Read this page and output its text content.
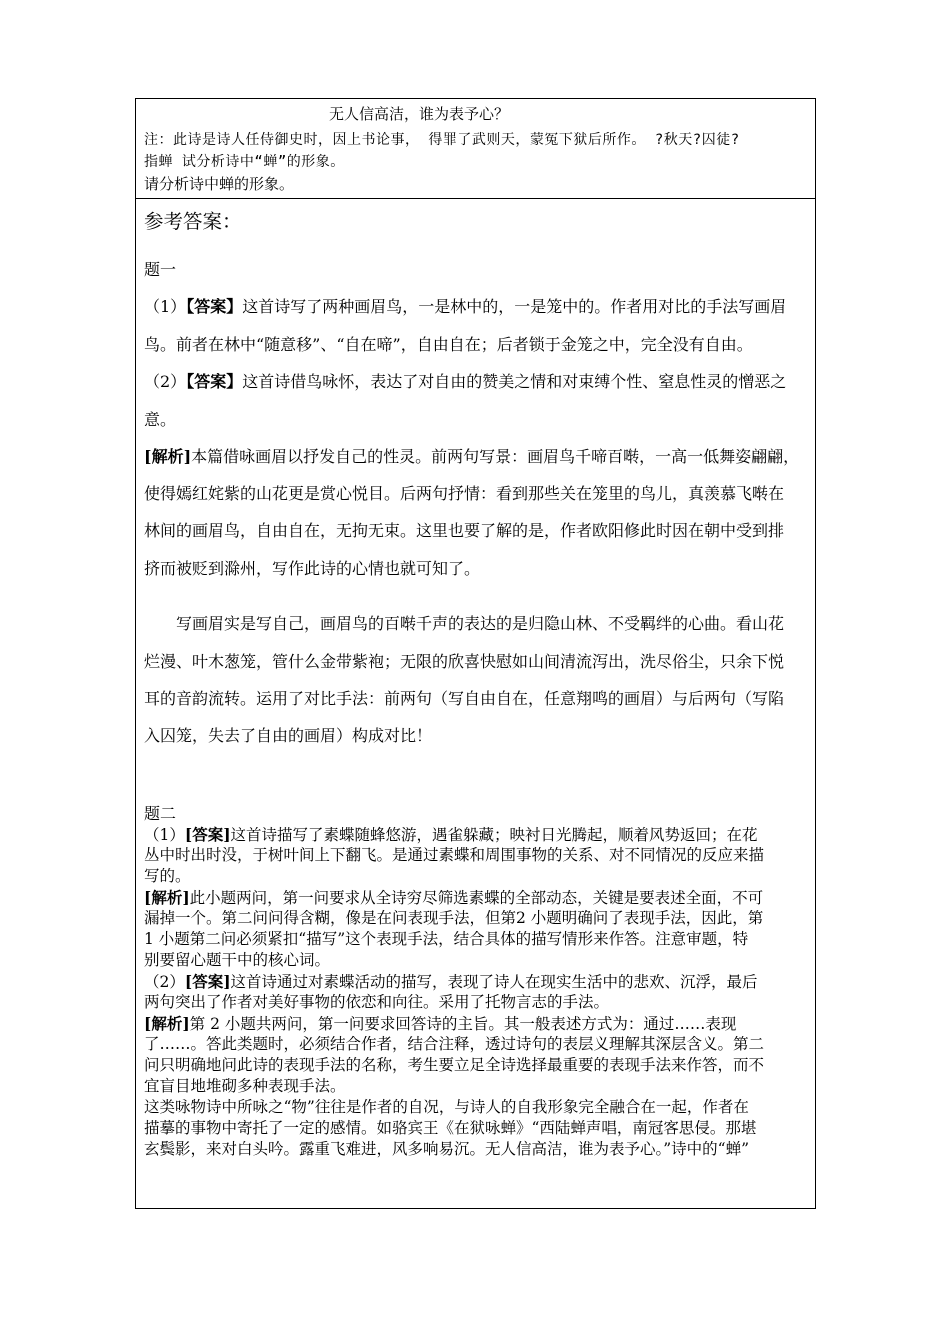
无人信高洁，谁为表予心？
注：此诗是诗人任侍御史时，因上书论事， 得罪了武则天，蒙冤下狱后所作。 ?秋天?囚徒?
指蝉 试分析诗中“蝉”的形象。
请分析诗中蝉的形象。
参考答案：
题一
（1）【答案】这首诗写了两种画眉鸟，一是林中的，一是笼中的。作者用对比的手法写画眉
鸟。前者在林中“随意移”、“自在啼”，自由自在；后者锁于金笼之中，完全没有自由。
（2）【答案】这首诗借鸟咏怀，表达了对自由的赞美之情和对束缚个性、窒息性灵的憎恶之
意。
[解析]本篇借咏画眉以抒发自己的性灵。前两句写景：画眉鸟千啼百啭，一高一低舞姿翩翩，
使得嫣红姹紫的山花更是赏心悦目。后两句抒情：看到那些关在笼里的鸟儿，真羡慕飞啭在
林间的画眉鸟，自由自在，无拘无束。这里也要了解的是，作者欧阳修此时因在朝中受到排
挤而被贬到滁州，写作此诗的心情也就可知了。
写画眉实是写自己，画眉鸟的百啭千声的表达的是归隐山林、不受羁绊的心曲。看山花
烂漫、叶木葱笼，管什么金带紫袍；无限的欣喜快慰如山间清流泻出，洗尽俗尘，只余下悦
耳的音韵流转。运用了对比手法：前两句（写自由自在，任意翔鸣的画眉）与后两句（写陷
入囚笼，失去了自由的画眉）构成对比！
题二
（1）[答案]这首诗描写了素蝶随蜂悠游，遇雀躲藏；映衬日光腾起，顺着风势返回；在花
丛中时出时没，于树叶间上下翻飞。是通过素蝶和周围事物的关系、对不同情况的反应来描
写的。
[解析]此小题两问，第一问要求从全诗穷尽筛选素蝶的全部动态，关键是要表述全面，不可
漏掉一个。第二问问得含糊，像是在问表现手法，但第2 小题明确问了表现手法，因此，第
1 小题第二问必须紧扣“描写”这个表现手法，结合具体的描写情形来作答。注意审题，特
别要留心题干中的核心词。
（2）[答案]这首诗通过对素蝶活动的描写，表现了诗人在现实生活中的悲欢、沉浮，最后
两句突出了作者对美好事物的依恋和向往。采用了托物言志的手法。
[解析]第 2 小题共两问，第一问要求回答诗的主旨。其一般表述方式为：通过……表现
了……。答此类题时，必须结合作者，结合注释，透过诗句的表层义理解其深层含义。第二
问只明确地问此诗的表现手法的名称，考生要立足全诗选择最重要的表现手法来作答，而不
宜盲目地堆砌多种表现手法。
这类咏物诗中所咏之“物”往往是作者的自况，与诗人的自我形象完全融合在一起，作者在
描摹的事物中寄托了一定的感情。如骆宾王《在狱咏蝉》“西陆蝉声唱，南冠客思侵。那堪
玄鬓影，来对白头吟。露重飞难进，风多响易沉。无人信高洁，谁为表予心。”诗中的“蝉”
